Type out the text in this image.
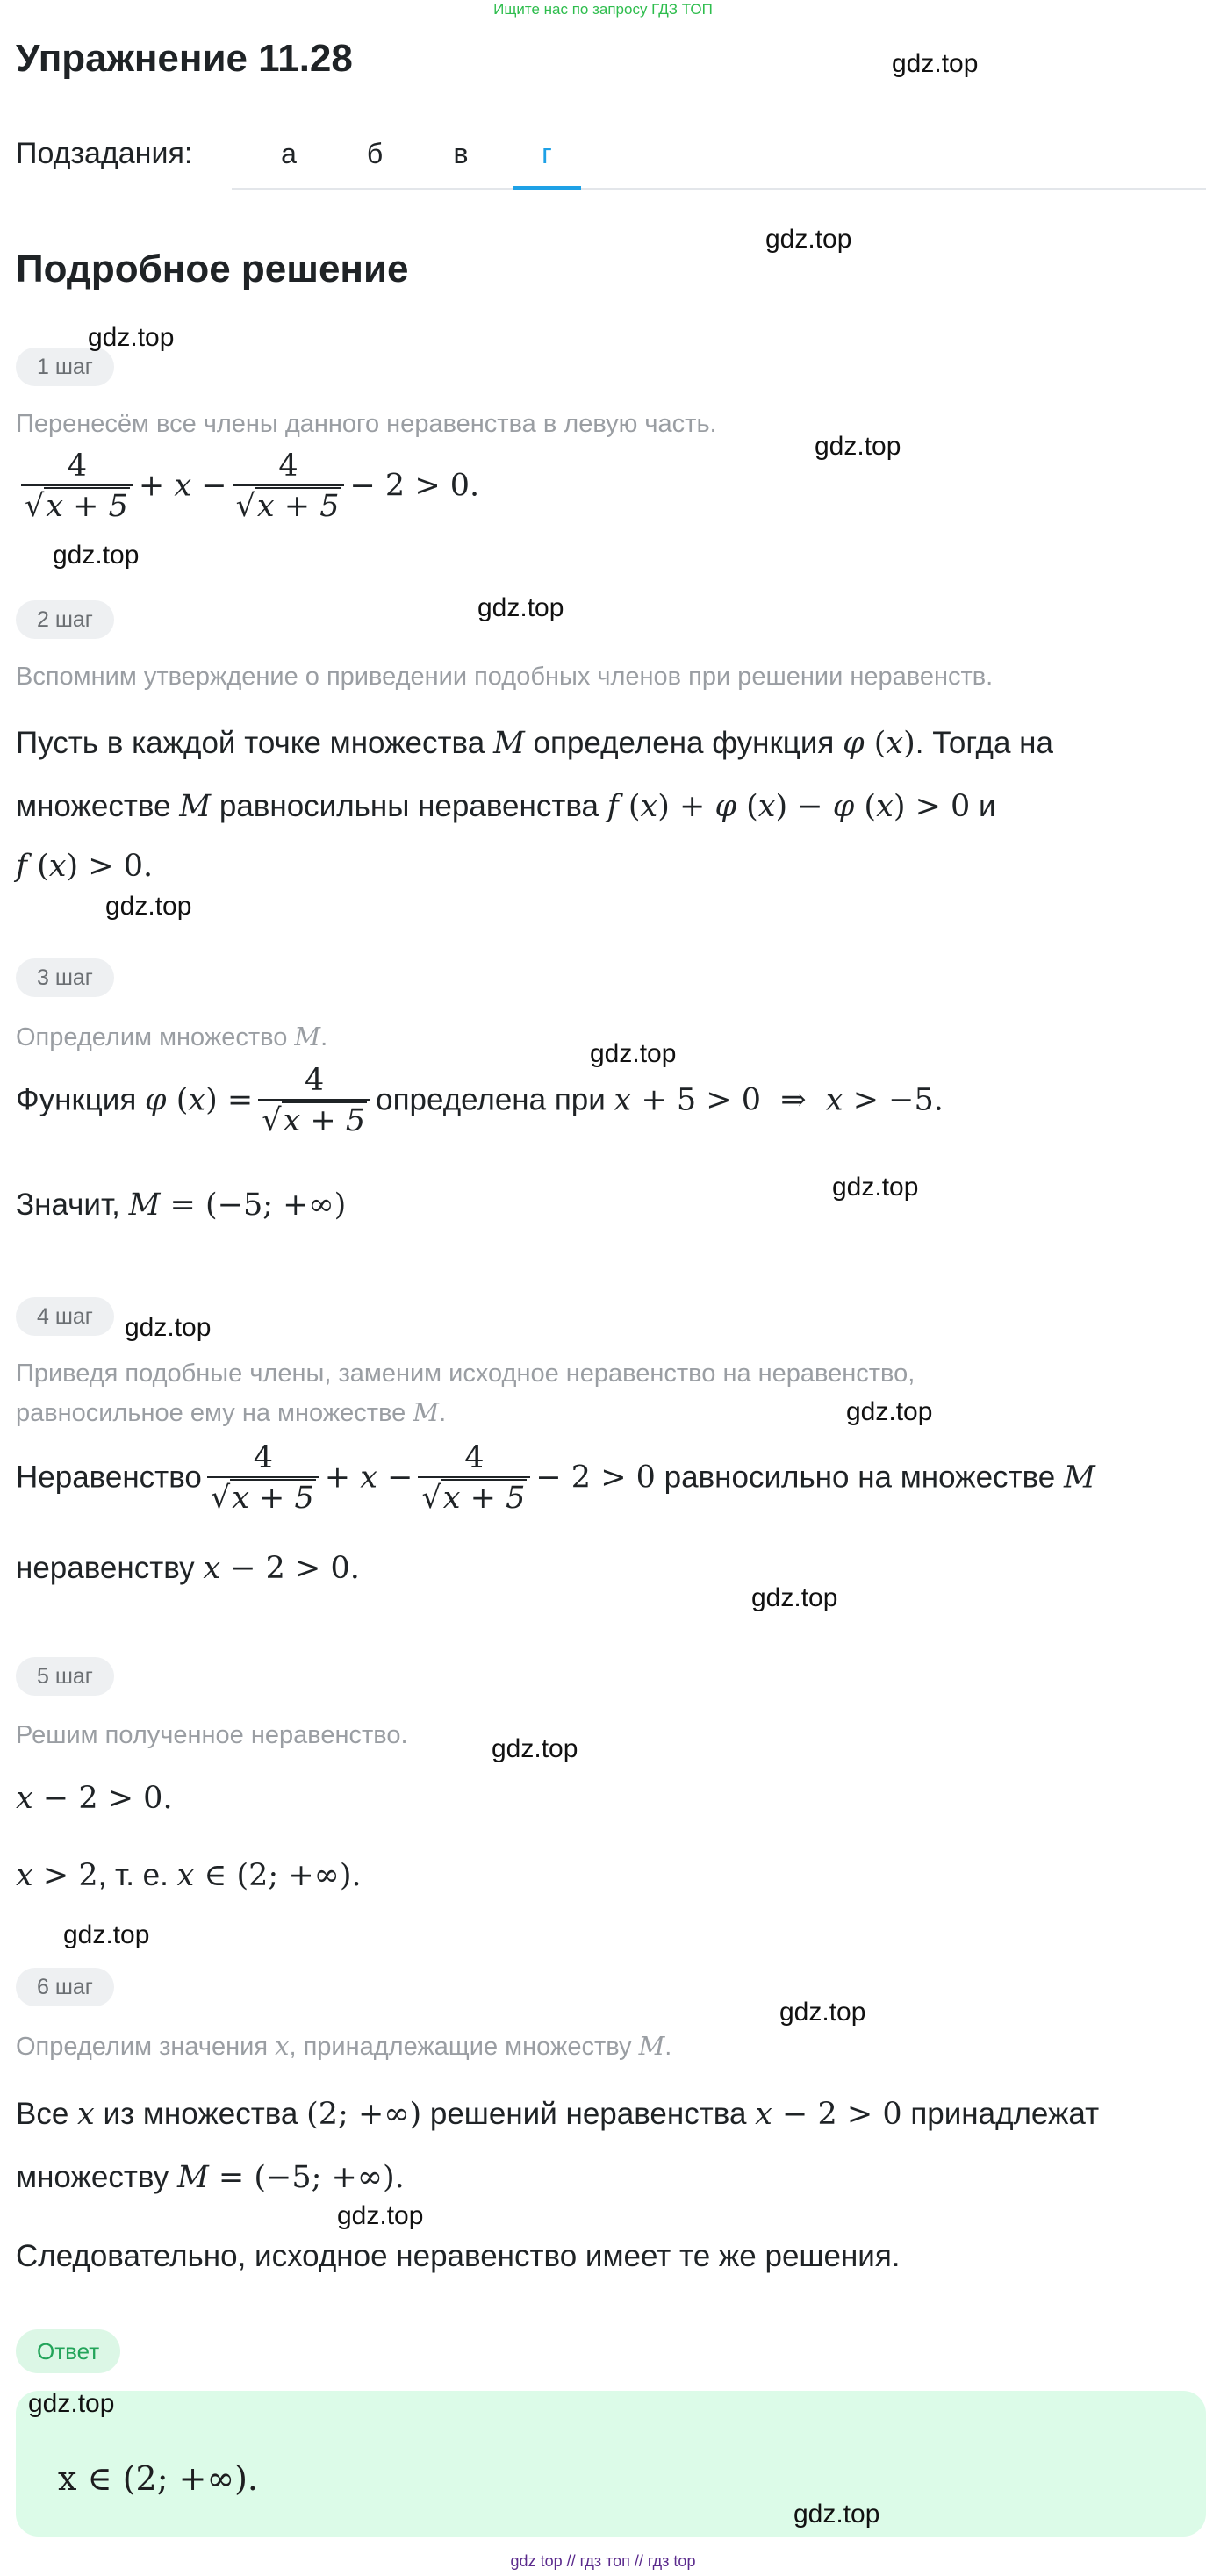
Ищите нас по запросу ГДЗ ТОП
Упражнение 11.28
Подзадания:	а	б	в	г
Подробное решение
1 шаг
Перенесём все члены данного неравенства в левую часть.
$\frac{4}{√x + 5} + x - \frac{4}{√x + 5} - 2 > 0$.
2 шаг
Вспомним утверждение о приведении подобных членов при решении неравенств.
Пусть в каждой точке множества M определена функция φ (x). Тогда на
множестве M равносильны неравенства f (x) + φ (x) − φ (x) > 0 и
f (x) > 0.
3 шаг
Определим множество M.
Функция φ $(x) = \frac{4}{√x + 5}$ определена при x + 5 > 0  ⇒  x > −5.
Значит, M = (−5; +∞)
4 шаг
Приведя подобные члены, заменим исходное неравенство на неравенство,
равносильное ему на множестве M.
Неравенство $\frac{4}{√x + 5} + x - \frac{4}{√x + 5} - 2 > 0$ равносильно на множестве M
неравенству x − 2 > 0.
5 шаг
Решим полученное неравенство.
x − 2 > 0.
x > 2, т. е. x ∈ (2; +∞).
6 шаг
Определим значения x, принадлежащие множеству M.
Все x из множества (2; +∞) решений неравенства x − 2 > 0 принадлежат
множеству M = (−5; +∞).
Следовательно, исходное неравенство имеет те же решения.
Ответ
x ∈ (2; +∞).
gdz.top
gdz.top
gdz.top
gdz.top
gdz.top
gdz.top
gdz.top
gdz.top
gdz.top
gdz.top
gdz.top
gdz.top
gdz.top
gdz.top
gdz.top
gdz.top
gdz.top
gdz.top
gdz top // гдз топ // гдз top
